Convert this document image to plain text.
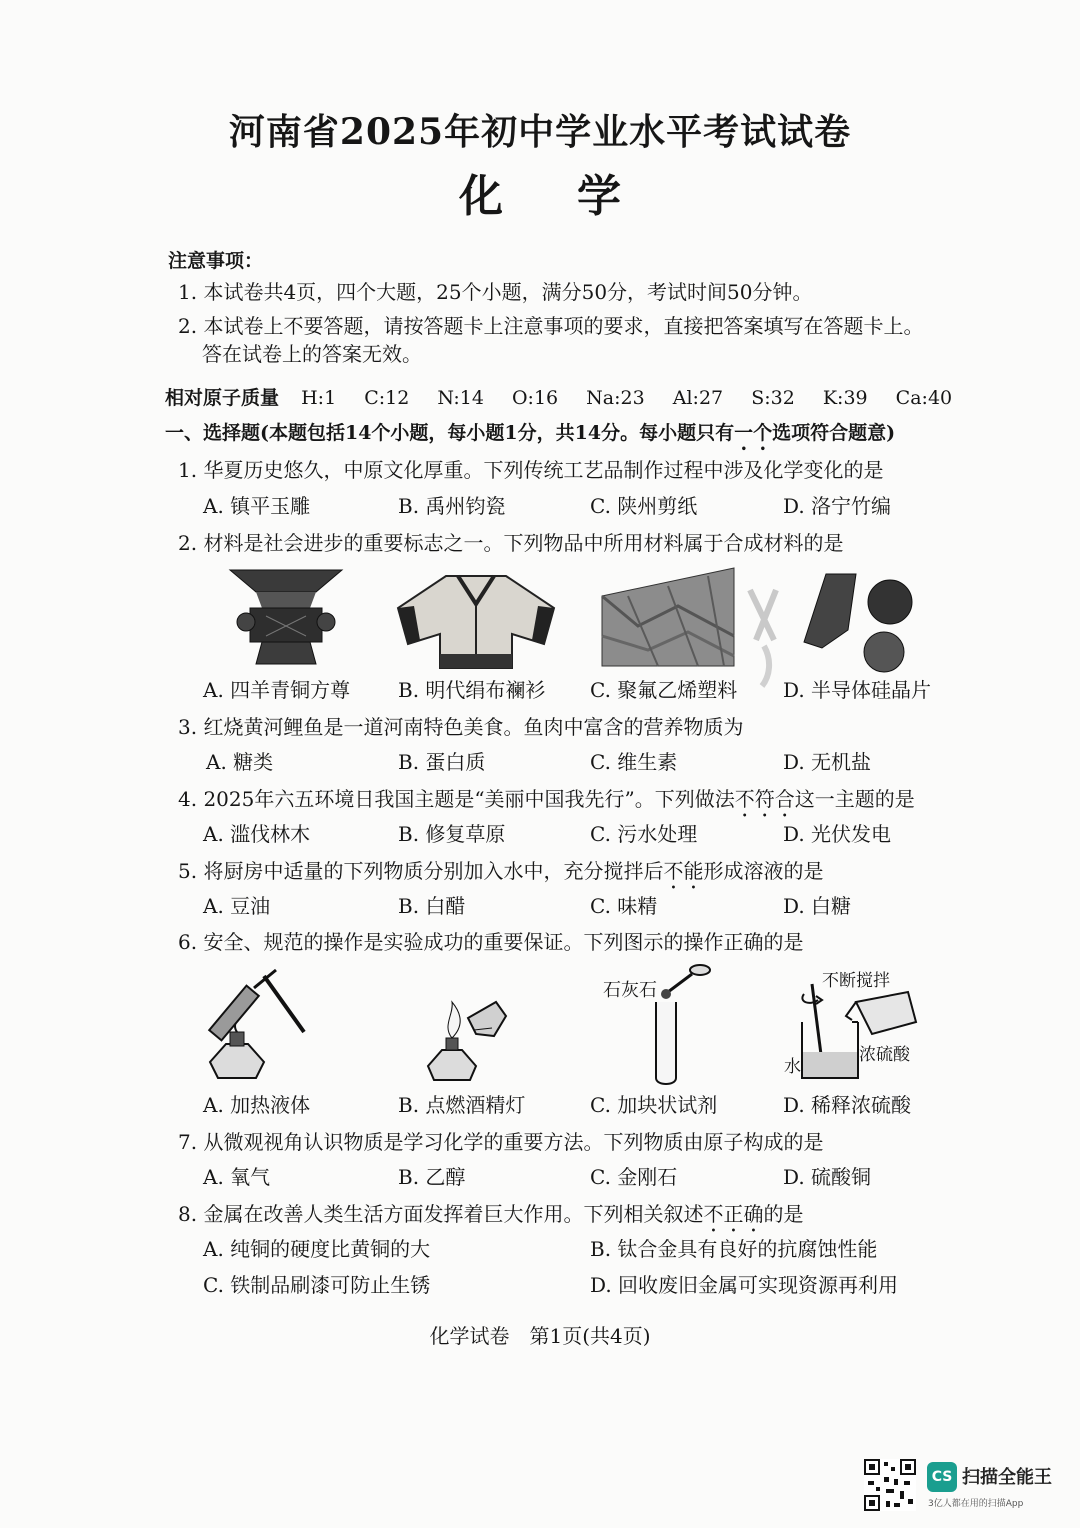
河南省2025年初中学业水平考试试卷
化 学
注意事项：
1. 本试卷共4页，四个大题，25个小题，满分50分，考试时间50分钟。
2. 本试卷上不要答题，请按答题卡上注意事项的要求，直接把答案填写在答题卡上。
答在试卷上的答案无效。
相对原子质量 H:1 C:12 N:14 O:16 Na:23 Al:27 S:32 K:39 Ca:40
一、选择题(本题包括14个小题，每小题1分，共14分。每小题只有一个选项符合题意)
1. 华夏历史悠久，中原文化厚重。下列传统工艺品制作过程中涉及化学变化的是
A. 镇平玉雕	B. 禹州钧瓷	C. 陕州剪纸	D. 洛宁竹编
2. 材料是社会进步的重要标志之一。下列物品中所用材料属于合成材料的是
A. 四羊青铜方尊 B. 明代绢布襕衫 C. 聚氟乙烯塑料 D. 半导体硅晶片
3. 红烧黄河鲤鱼是一道河南特色美食。鱼肉中富含的营养物质为
A. 糖类	B. 蛋白质	C. 维生素	D. 无机盐
4. 2025年六五环境日我国主题是“美丽中国我先行”。下列做法不符合这一主题的是
A. 滥伐林木	B. 修复草原	C. 污水处理	D. 光伏发电
5. 将厨房中适量的下列物质分别加入水中，充分搅拌后不能形成溶液的是
A. 豆油	B. 白醋	C. 味精	D. 白糖
6. 安全、规范的操作是实验成功的重要保证。下列图示的操作正确的是
石灰石	不断搅拌
浓硫酸
水
A. 加热液体	B. 点燃酒精灯	C. 加块状试剂	D. 稀释浓硫酸
7. 从微观视角认识物质是学习化学的重要方法。下列物质由原子构成的是
A. 氧气	B. 乙醇	C. 金刚石	D. 硫酸铜
8. 金属在改善人类生活方面发挥着巨大作用。下列相关叙述不正确的是
A. 纯铜的硬度比黄铜的大	B. 钛合金具有良好的抗腐蚀性能
C. 铁制品刷漆可防止生锈	D. 回收废旧金属可实现资源再利用
化学试卷　第1页(共4页)
CS 扫描全能王
3亿人都在用的扫描App
